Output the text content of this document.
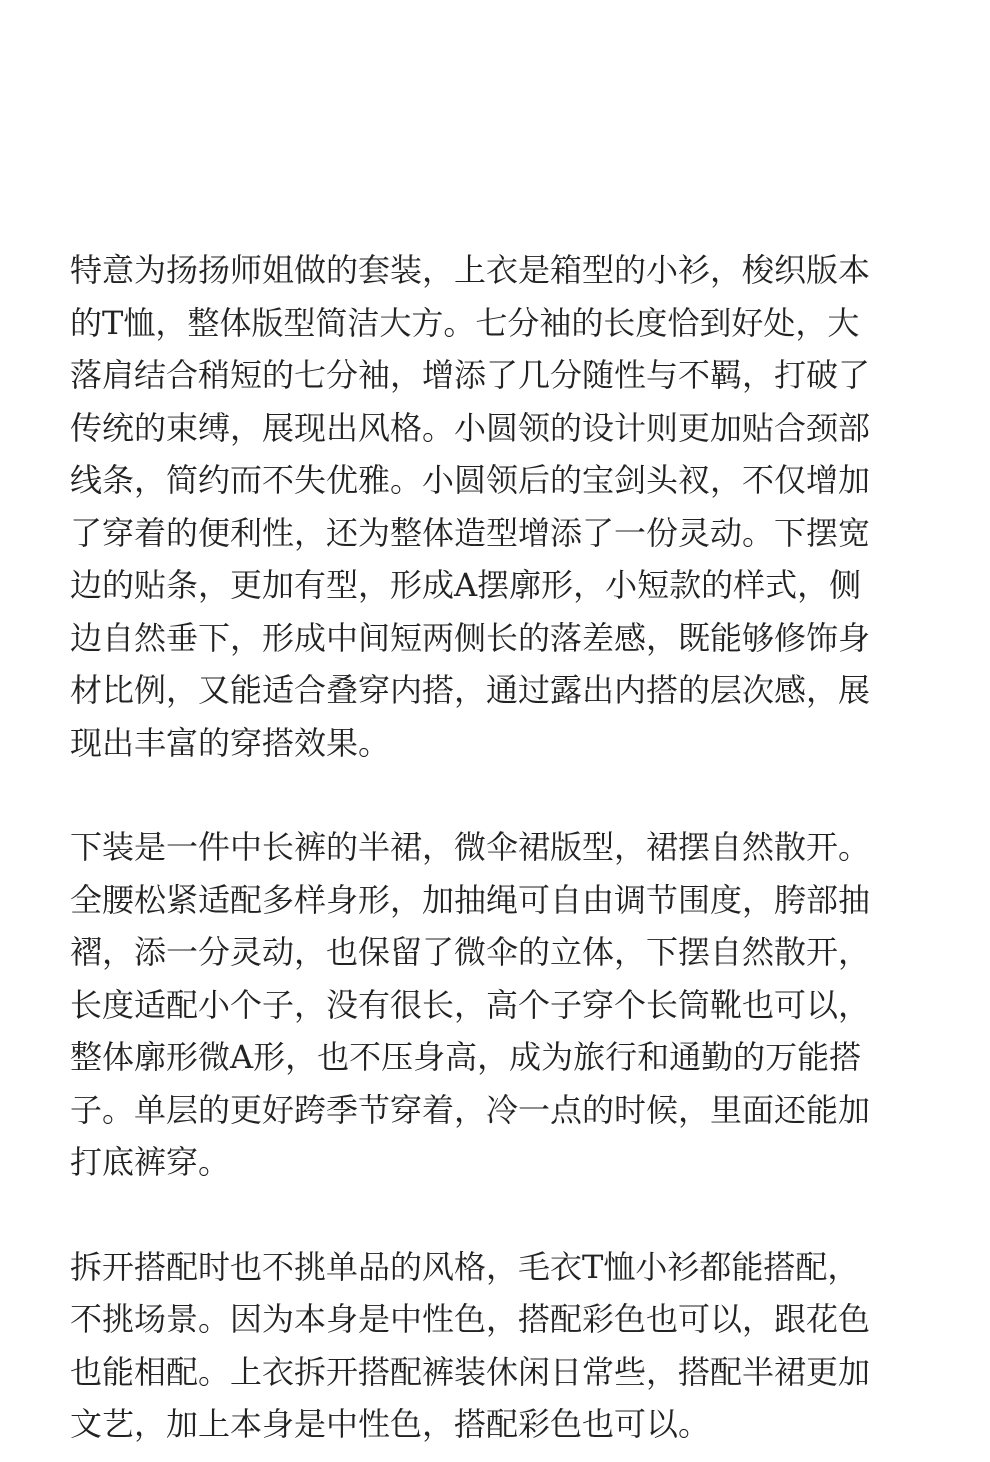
特意为扬扬师姐做的套装，上衣是箱型的小衫，梭织版本
的T恤，整体版型简洁大方。七分袖的长度恰到好处，大
落肩结合稍短的七分袖，增添了几分随性与不羁，打破了
传统的束缚，展现出风格。小圆领的设计则更加贴合颈部
线条，简约而不失优雅。小圆领后的宝剑头衩，不仅增加
了穿着的便利性，还为整体造型增添了一份灵动。下摆宽
边的贴条，更加有型，形成A摆廓形，小短款的样式，侧
边自然垂下，形成中间短两侧长的落差感，既能够修饰身
材比例，又能适合叠穿内搭，通过露出内搭的层次感，展
现出丰富的穿搭效果。

下装是一件中长裤的半裙，微伞裙版型，裙摆自然散开。
全腰松紧适配多样身形，加抽绳可自由调节围度，胯部抽
褶，添一分灵动，也保留了微伞的立体，下摆自然散开，
长度适配小个子，没有很长，高个子穿个长筒靴也可以，
整体廓形微A形，也不压身高，成为旅行和通勤的万能搭
子。单层的更好跨季节穿着，冷一点的时候，里面还能加
打底裤穿。

拆开搭配时也不挑单品的风格，毛衣T恤小衫都能搭配，
不挑场景。因为本身是中性色，搭配彩色也可以，跟花色
也能相配。上衣拆开搭配裤装休闲日常些，搭配半裙更加
文艺，加上本身是中性色，搭配彩色也可以。
